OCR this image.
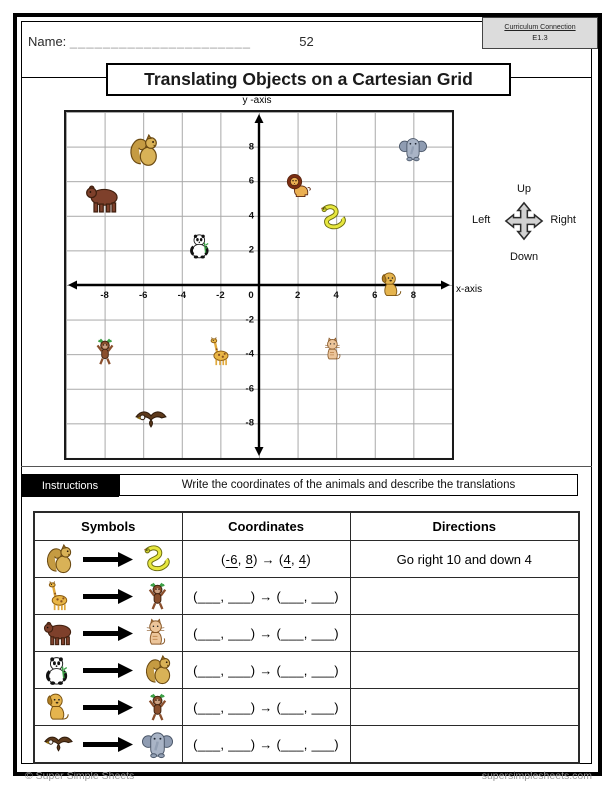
Name: ______________________	52
Curriculum Connection
E1.3
Translating Objects on a Cartesian Grid
y -axis
-8	-6	-4	-2 0	2	4	6	8
8
6
4
2
-2
-4
-6
-8
x-axis
Up
Left	Right
Down
Instructions	Write the coordinates of the animals and describe the translations
Symbols	Coordinates	Directions

	(-6, 8) → (4, 4)	Go right 10 and down 4

	(___, ___) → (___, ___)	

	(___, ___) → (___, ___)	

	(___, ___) → (___, ___)	

	(___, ___) → (___, ___)	

	(___, ___) → (___, ___)	
© Super Simple Sheets	supersimplesheets.com
